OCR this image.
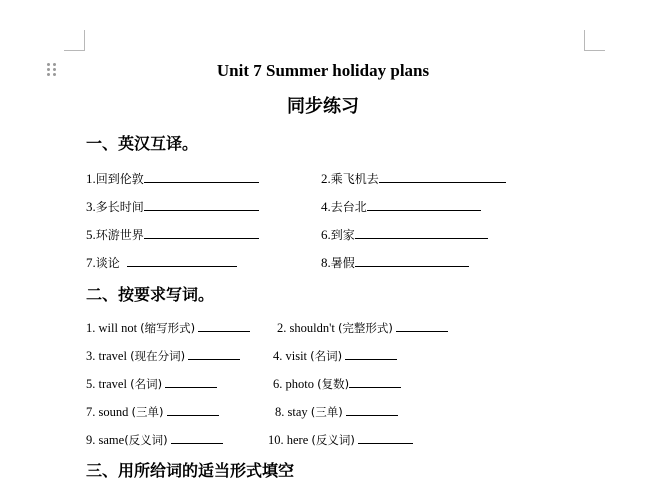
Unit 7 Summer holiday plans
同步练习
一、英汉互译。
1.回到伦敦	2.乘飞机去
3.多长时间	4.去台北
5.环游世界	6.到家
7.谈论	8.暑假
二、按要求写词。
1. will not (缩写形式)	2. shouldn't (完整形式)
3. travel (现在分词)	4. visit (名词)
5. travel (名词)	6. photo (复数)
7. sound (三单)	8. stay (三单)
9. same(反义词)	10. here (反义词)
三、用所给词的适当形式填空
